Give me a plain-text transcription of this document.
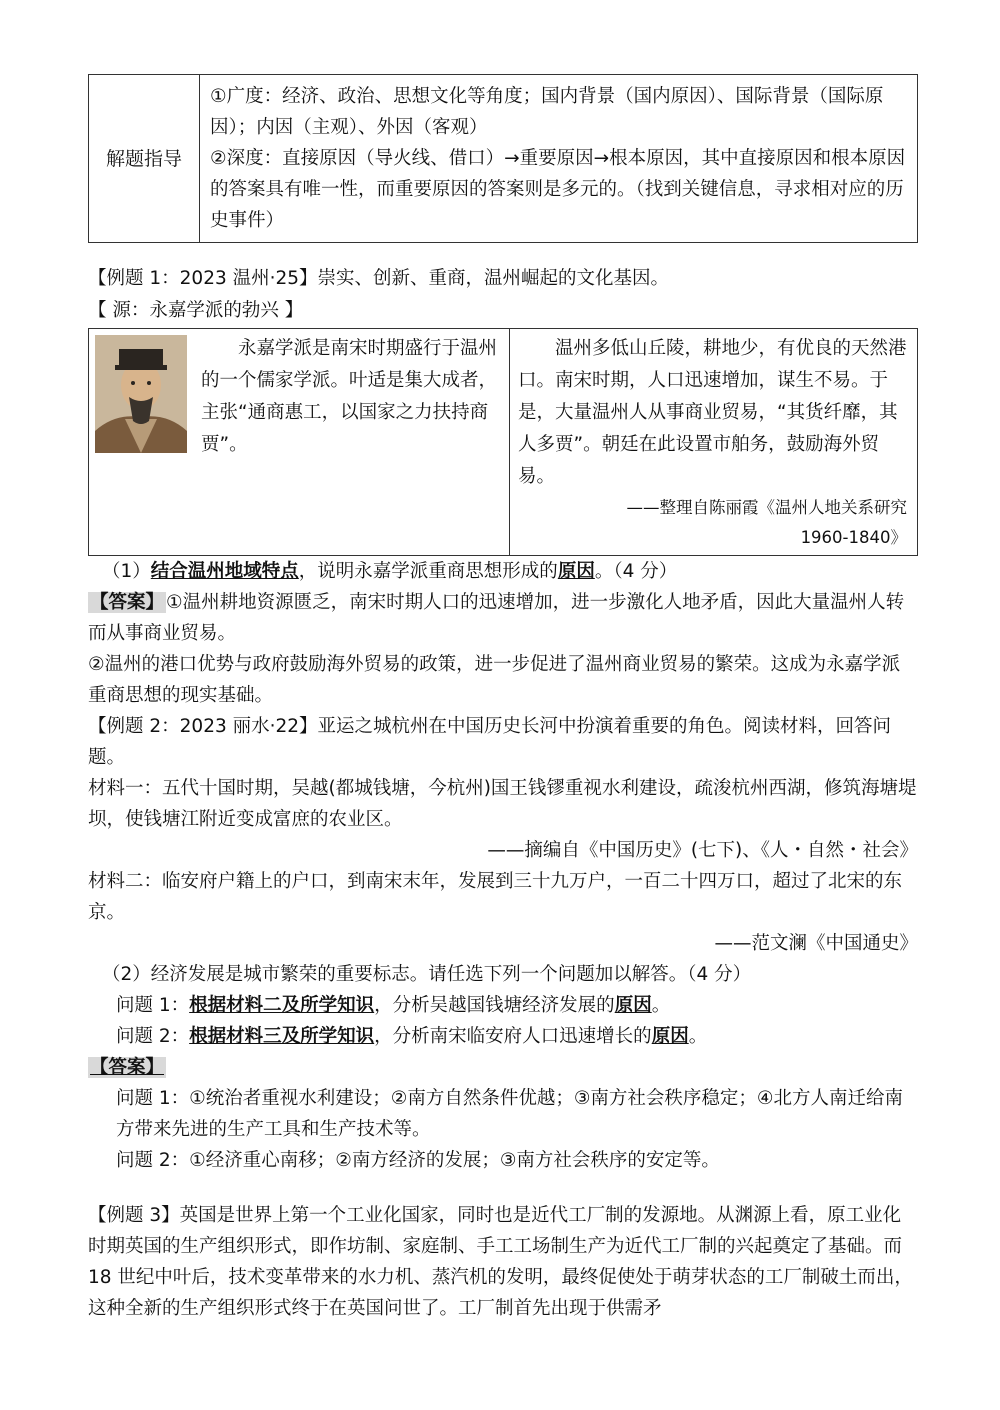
解题指导	

①广度：经济、政治、思想文化等角度；国内背景（国内原因）、国际背景（国际原因）；内因（主观）、外因（客观）

②深度：直接原因（导火线、借口）→重要原因→根本原因，其中直接原因和根本原因的答案具有唯一性，而重要原因的答案则是多元的。（找到关键信息，寻求相对应的历史事件）

【例题 1：2023 温州·25】崇实、创新、重商，温州崛起的文化基因。
【 源：永嘉学派的勃兴 】

永嘉学派是南宋时期盛行于温州的一个儒家学派。叶适是集大成者，主张“通商惠工，以国家之力扶持商贾”。

温州多低山丘陵，耕地少，有优良的天然港口。南宋时期，人口迅速增加，谋生不易。于是，大量温州人从事商业贸易，“其货纤靡，其人多贾”。朝廷在此设置市舶务，鼓励海外贸易。

——整理自陈丽霞《温州人地关系研究

1960-1840》

（1）结合温州地域特点，说明永嘉学派重商思想形成的原因。（4 分）

【答案】 ①温州耕地资源匮乏，南宋时期人口的迅速增加，进一步激化人地矛盾，因此大量温州人转而从事商业贸易。

②温州的港口优势与政府鼓励海外贸易的政策，进一步促进了温州商业贸易的繁荣。这成为永嘉学派重商思想的现实基础。

【例题 2：2023 丽水·22】亚运之城杭州在中国历史长河中扮演着重要的角色。阅读材料，回答问题。

材料一：五代十国时期，吴越(都城钱塘，今杭州)国王钱镠重视水利建设，疏浚杭州西湖，修筑海塘堤坝，使钱塘江附近变成富庶的农业区。

——摘编自《中国历史》(七下)、《人・自然・社会》

材料二：临安府户籍上的户口，到南宋末年，发展到三十九万户，一百二十四万口，超过了北宋的东京。

——范文澜《中国通史》

（2）经济发展是城市繁荣的重要标志。请任选下列一个问题加以解答。（4 分）

问题 1：根据材料二及所学知识，分析吴越国钱塘经济发展的原因。

问题 2：根据材料三及所学知识，分析南宋临安府人口迅速增长的原因。

【答案】

问题 1：①统治者重视水利建设；②南方自然条件优越；③南方社会秩序稳定；④北方人南迁给南方带来先进的生产工具和生产技术等。

问题 2：①经济重心南移；②南方经济的发展；③南方社会秩序的安定等。

【例题 3】英国是世界上第一个工业化国家，同时也是近代工厂制的发源地。从渊源上看，原工业化时期英国的生产组织形式，即作坊制、家庭制、手工工场制生产为近代工厂制的兴起奠定了基础。而 18 世纪中叶后，技术变革带来的水力机、蒸汽机的发明，最终促使处于萌芽状态的工厂制破土而出，这种全新的生产组织形式终于在英国问世了。工厂制首先出现于供需矛
